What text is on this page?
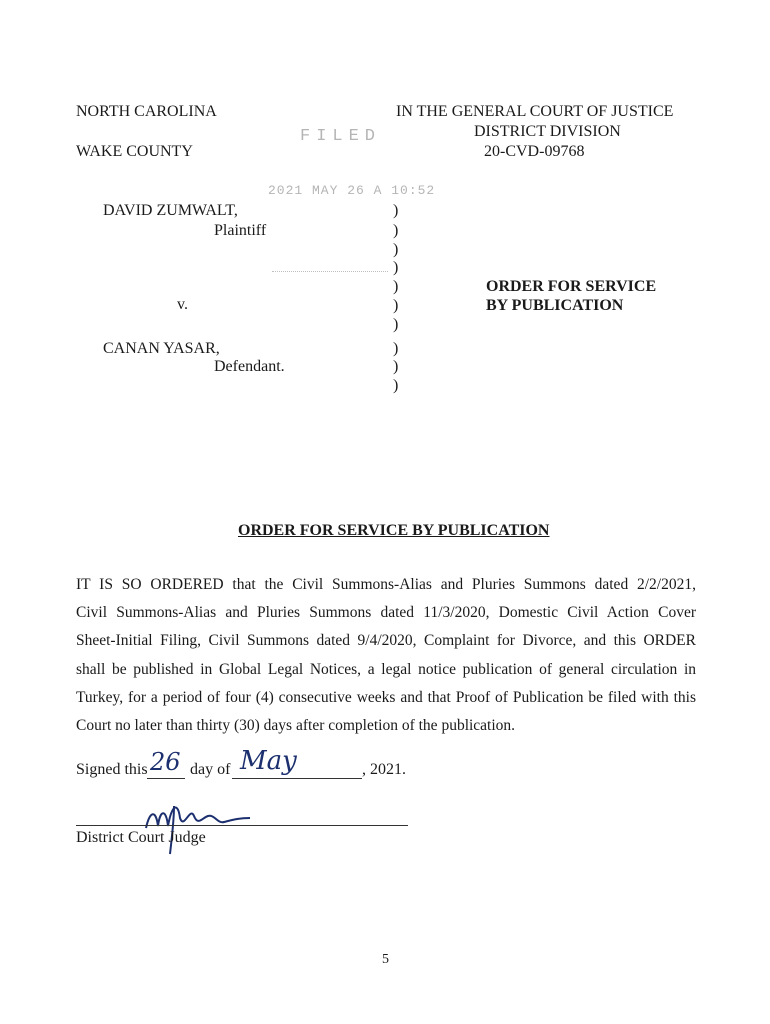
NORTH CAROLINA
WAKE COUNTY
IN THE GENERAL COURT OF JUSTICE
DISTRICT DIVISION
20-CVD-09768
FILED
2021 MAY 26 A 10:52
DAVID ZUMWALT,
Plaintiff
v.
CANAN YASAR,
Defendant.
)
)
)
)
)
)
)
)
)
)
ORDER FOR SERVICE
BY PUBLICATION
ORDER FOR SERVICE BY PUBLICATION
IT IS SO ORDERED that the Civil Summons-Alias and Pluries Summons dated 2/2/2021,
Civil Summons-Alias and Pluries Summons dated 11/3/2020, Domestic Civil Action Cover
Sheet-Initial Filing, Civil Summons dated 9/4/2020, Complaint for Divorce, and this ORDER
shall be published in Global Legal Notices, a legal notice publication of general circulation in
Turkey, for a period of four (4) consecutive weeks and that Proof of Publication be filed with this
Court no later than thirty (30) days after completion of the publication.
Signed this 26 day of May	, 2021.
District Court Judge
5
